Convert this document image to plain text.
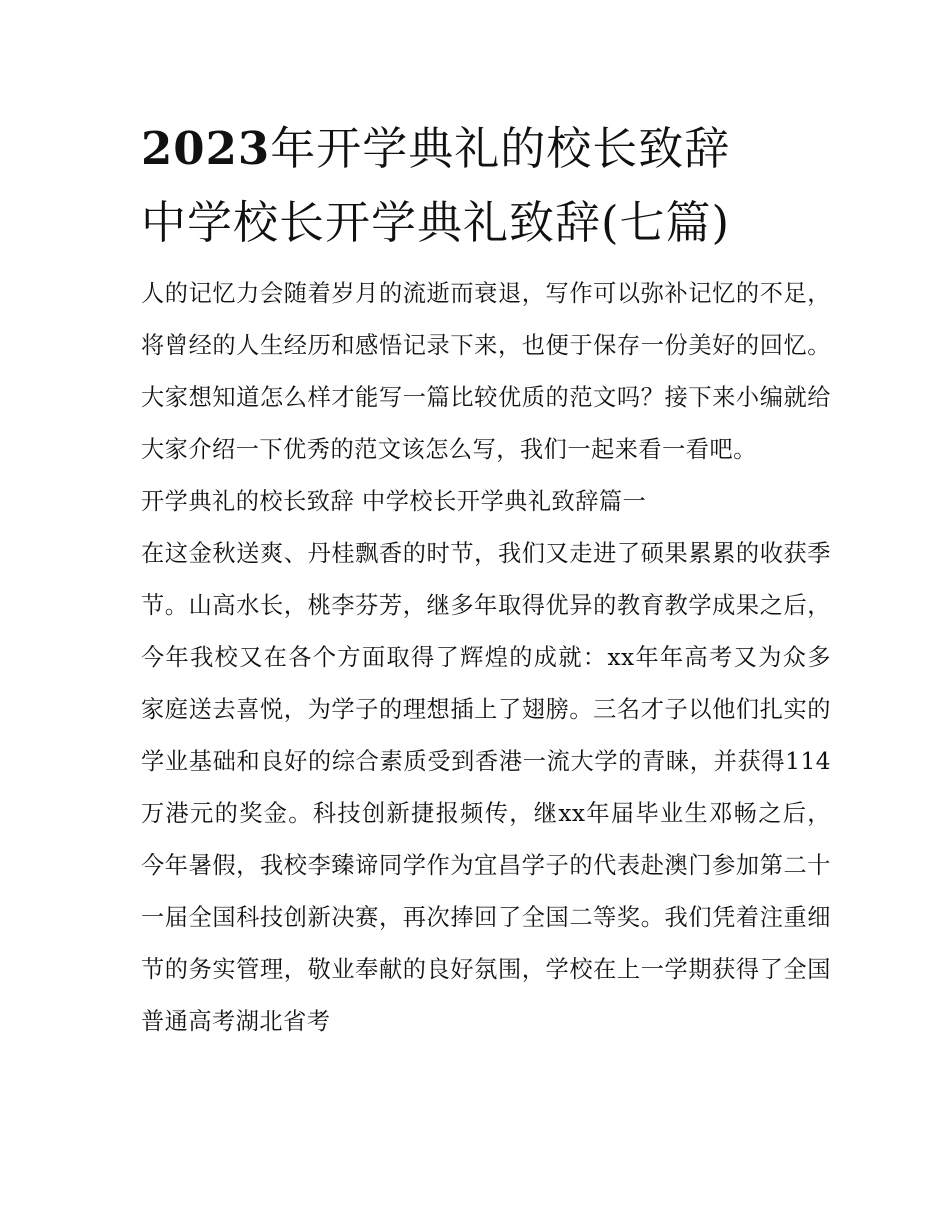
2023年开学典礼的校长致辞
中学校长开学典礼致辞(七篇)

人的记忆力会随着岁月的流逝而衰退，写作可以弥补记忆的不足，将曾经的人生经历和感悟记录下来，也便于保存一份美好的回忆。大家想知道怎么样才能写一篇比较优质的范文吗？接下来小编就给大家介绍一下优秀的范文该怎么写，我们一起来看一看吧。

开学典礼的校长致辞 中学校长开学典礼致辞篇一

在这金秋送爽、丹桂飘香的时节，我们又走进了硕果累累的收获季节。山高水长，桃李芬芳，继多年取得优异的教育教学成果之后，今年我校又在各个方面取得了辉煌的成就：xx年年高考又为众多家庭送去喜悦，为学子的理想插上了翅膀。三名才子以他们扎实的学业基础和良好的综合素质受到香港一流大学的青睐，并获得114万港元的奖金。科技创新捷报频传，继xx年届毕业生邓畅之后，今年暑假，我校李臻谛同学作为宜昌学子的代表赴澳门参加第二十一届全国科技创新决赛，再次捧回了全国二等奖。我们凭着注重细节的务实管理，敬业奉献的良好氛围，学校在上一学期获得了全国普通高考湖北省考
